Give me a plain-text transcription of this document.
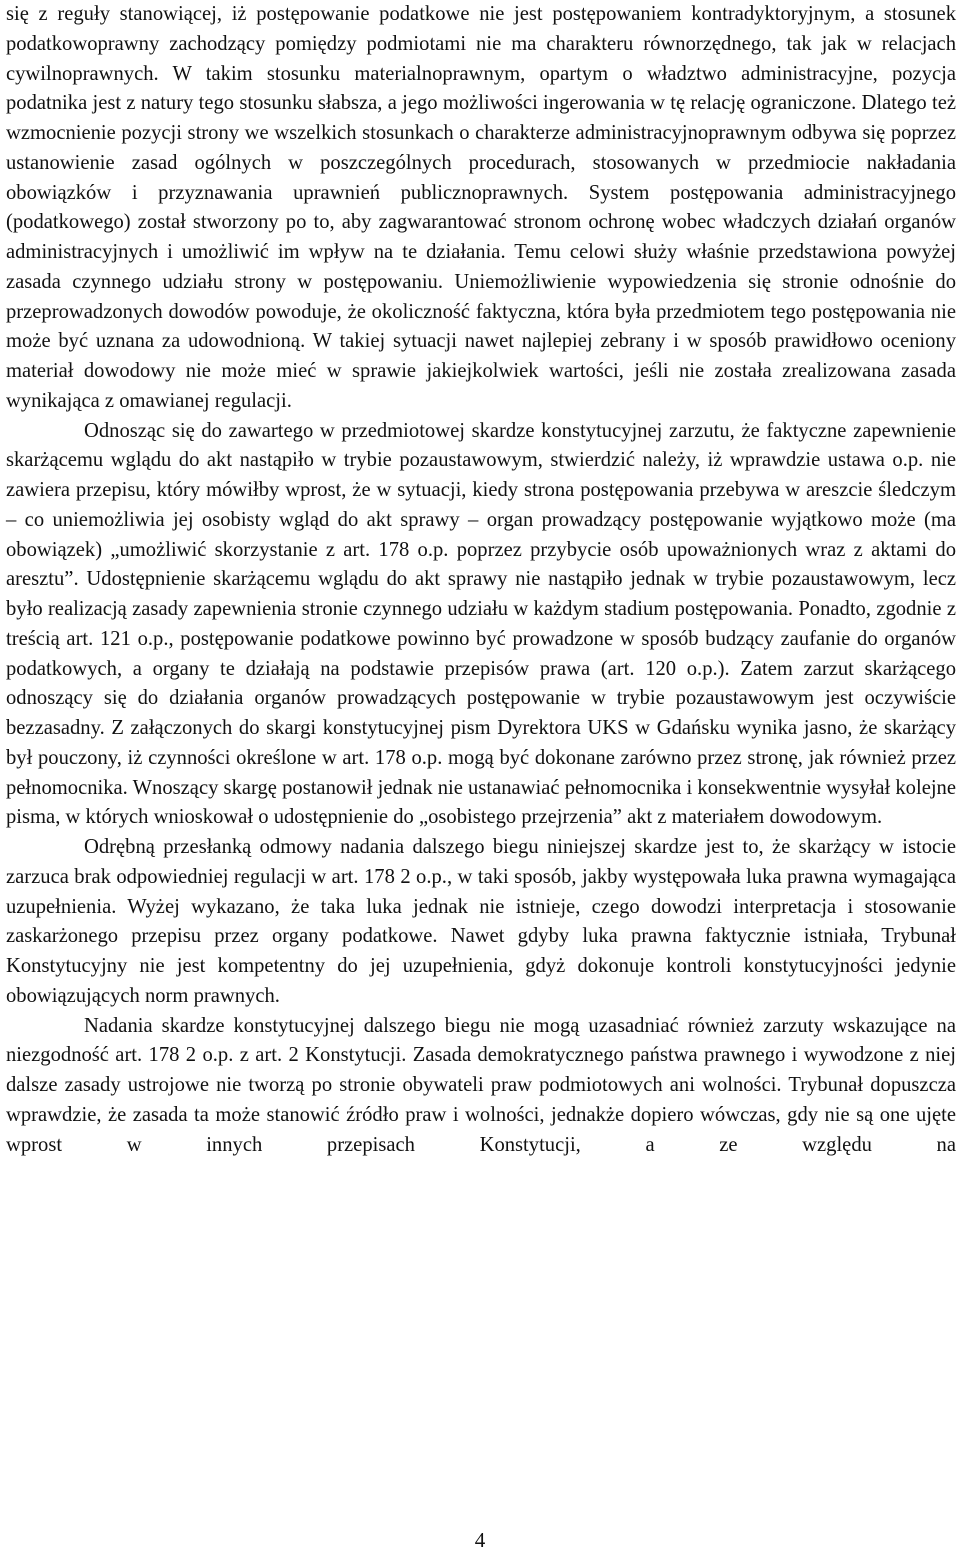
się z reguły stanowiącej, iż postępowanie podatkowe nie jest postępowaniem kontradyktoryjnym, a stosunek podatkowoprawny zachodzący pomiędzy podmiotami nie ma charakteru równorzędnego, tak jak w relacjach cywilnoprawnych. W takim stosunku materialnoprawnym, opartym o władztwo administracyjne, pozycja podatnika jest z natury tego stosunku słabsza, a jego możliwości ingerowania w tę relację ograniczone. Dlatego też wzmocnienie pozycji strony we wszelkich stosunkach o charakterze administracyjnoprawnym odbywa się poprzez ustanowienie zasad ogólnych w poszczególnych procedurach, stosowanych w przedmiocie nakładania obowiązków i przyznawania uprawnień publicznoprawnych. System postępowania administracyjnego (podatkowego) został stworzony po to, aby zagwarantować stronom ochronę wobec władczych działań organów administracyjnych i umożliwić im wpływ na te działania. Temu celowi służy właśnie przedstawiona powyżej zasada czynnego udziału strony w postępowaniu. Uniemożliwienie wypowiedzenia się stronie odnośnie do przeprowadzonych dowodów powoduje, że okoliczność faktyczna, która była przedmiotem tego postępowania nie może być uznana za udowodnioną. W takiej sytuacji nawet najlepiej zebrany i w sposób prawidłowo oceniony materiał dowodowy nie może mieć w sprawie jakiejkolwiek wartości, jeśli nie została zrealizowana zasada wynikająca z omawianej regulacji.

Odnosząc się do zawartego w przedmiotowej skardze konstytucyjnej zarzutu, że faktyczne zapewnienie skarżącemu wglądu do akt nastąpiło w trybie pozaustawowym, stwierdzić należy, iż wprawdzie ustawa o.p. nie zawiera przepisu, który mówiłby wprost, że w sytuacji, kiedy strona postępowania przebywa w areszcie śledczym – co uniemożliwia jej osobisty wgląd do akt sprawy – organ prowadzący postępowanie wyjątkowo może (ma obowiązek) „umożliwić skorzystanie z art. 178 o.p. poprzez przybycie osób upoważnionych wraz z aktami do aresztu”. Udostępnienie skarżącemu wglądu do akt sprawy nie nastąpiło jednak w trybie pozaustawowym, lecz było realizacją zasady zapewnienia stronie czynnego udziału w każdym stadium postępowania. Ponadto, zgodnie z treścią art. 121 o.p., postępowanie podatkowe powinno być prowadzone w sposób budzący zaufanie do organów podatkowych, a organy te działają na podstawie przepisów prawa (art. 120 o.p.). Zatem zarzut skarżącego odnoszący się do działania organów prowadzących postępowanie w trybie pozaustawowym jest oczywiście bezzasadny. Z załączonych do skargi konstytucyjnej pism Dyrektora UKS w Gdańsku wynika jasno, że skarżący był pouczony, iż czynności określone w art. 178 o.p. mogą być dokonane zarówno przez stronę, jak również przez pełnomocnika. Wnoszący skargę postanowił jednak nie ustanawiać pełnomocnika i konsekwentnie wysyłał kolejne pisma, w których wnioskował o udostępnienie do „osobistego przejrzenia” akt z materiałem dowodowym.

Odrębną przesłanką odmowy nadania dalszego biegu niniejszej skardze jest to, że skarżący w istocie zarzuca brak odpowiedniej regulacji w art. 178 2 o.p., w taki sposób, jakby występowała luka prawna wymagająca uzupełnienia. Wyżej wykazano, że taka luka jednak nie istnieje, czego dowodzi interpretacja i stosowanie zaskarżonego przepisu przez organy podatkowe. Nawet gdyby luka prawna faktycznie istniała, Trybunał Konstytucyjny nie jest kompetentny do jej uzupełnienia, gdyż dokonuje kontroli konstytucyjności jedynie obowiązujących norm prawnych.

Nadania skardze konstytucyjnej dalszego biegu nie mogą uzasadniać również zarzuty wskazujące na niezgodność art. 178 2 o.p. z art. 2 Konstytucji. Zasada demokratycznego państwa prawnego i wywodzone z niej dalsze zasady ustrojowe nie tworzą po stronie obywateli praw podmiotowych ani wolności. Trybunał dopuszcza wprawdzie, że zasada ta może stanowić źródło praw i wolności, jednakże dopiero wówczas, gdy nie są one ujęte wprost w innych przepisach Konstytucji, a ze względu na

4
